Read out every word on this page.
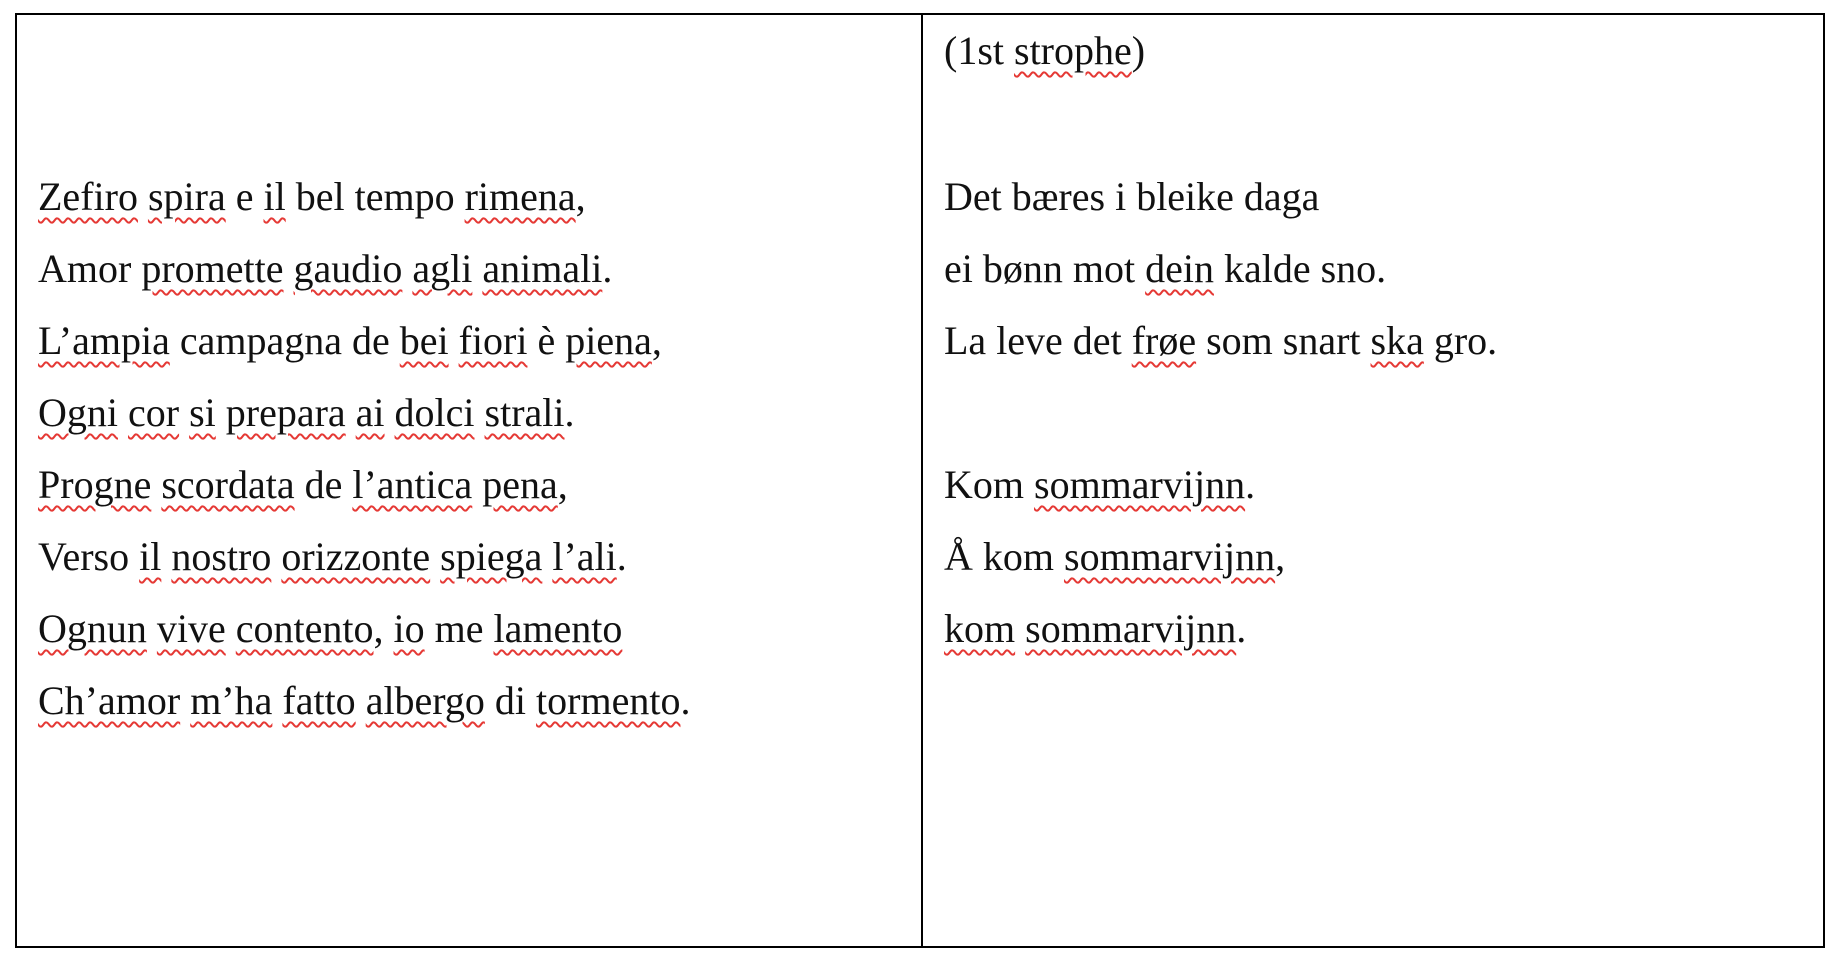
Zefiro spira e il bel tempo rimena,
Amor promette gaudio agli animali.
L’ampia campagna de bei fiori è piena,
Ogni cor si prepara ai dolci strali.
Progne scordata de l’antica pena,
Verso il nostro orizzonte spiega l’ali.
Ognun vive contento, io me lamento
Ch’amor m’ha fatto albergo di tormento.
(1st strophe)
Det bæres i bleike daga
ei bønn mot dein kalde sno.
La leve det frøe som snart ska gro.
Kom sommarvijnn.
Å kom sommarvijnn,
kom sommarvijnn.
